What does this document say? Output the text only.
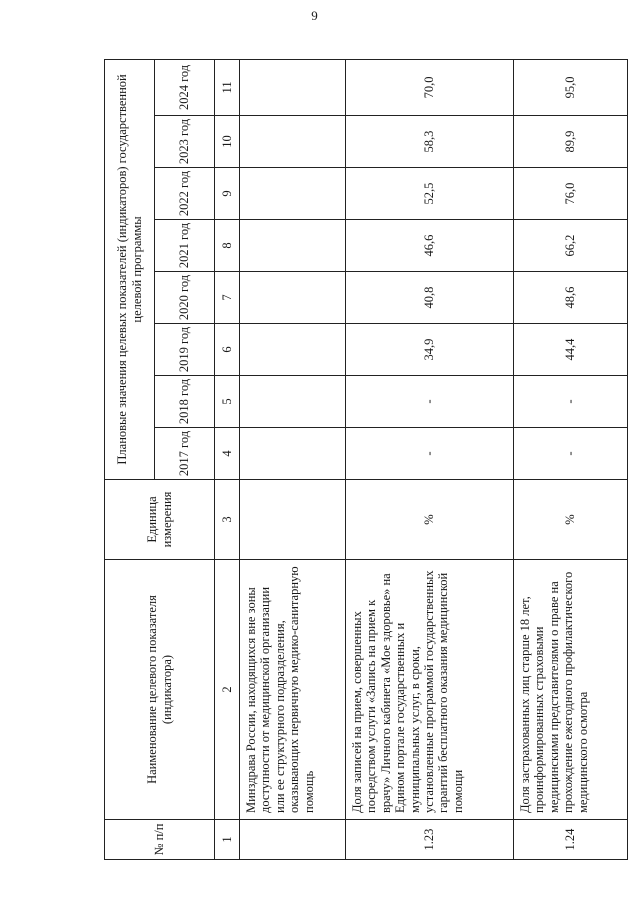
9
№ п/п	Наименование целевого показателя (индикатора)	Единица измерения	Плановые значения целевых показателей (индикаторов) государственной целевой программы							
			2017 год	2018 год	2019 год	2020 год	2021 год	2022 год	2023 год	2024 год
1	2	3	4	5	6	7	8	9	10	11
	Минздрава России, находящихся вне зоны доступности от медицинской организации или ее структурного подразделения, оказывающих первичную медико-санитарную помощь									
1.23	Доля записей на прием, совершенных посредством услуги «Запись на прием к врачу» Личного кабинета «Мое здоровье» на Едином портале государственных и муниципальных услуг, в сроки, установленные программой государственных гарантий бесплатного оказания медицинской помощи	%	-	-	34,9	40,8	46,6	52,5	58,3	70,0
1.24	Доля застрахованных лиц старше 18 лет, проинформированных страховыми медицинскими представителями о праве на прохождение ежегодного профилактического медицинского осмотра	%	-	-	44,4	48,6	66,2	76,0	89,9	95,0
